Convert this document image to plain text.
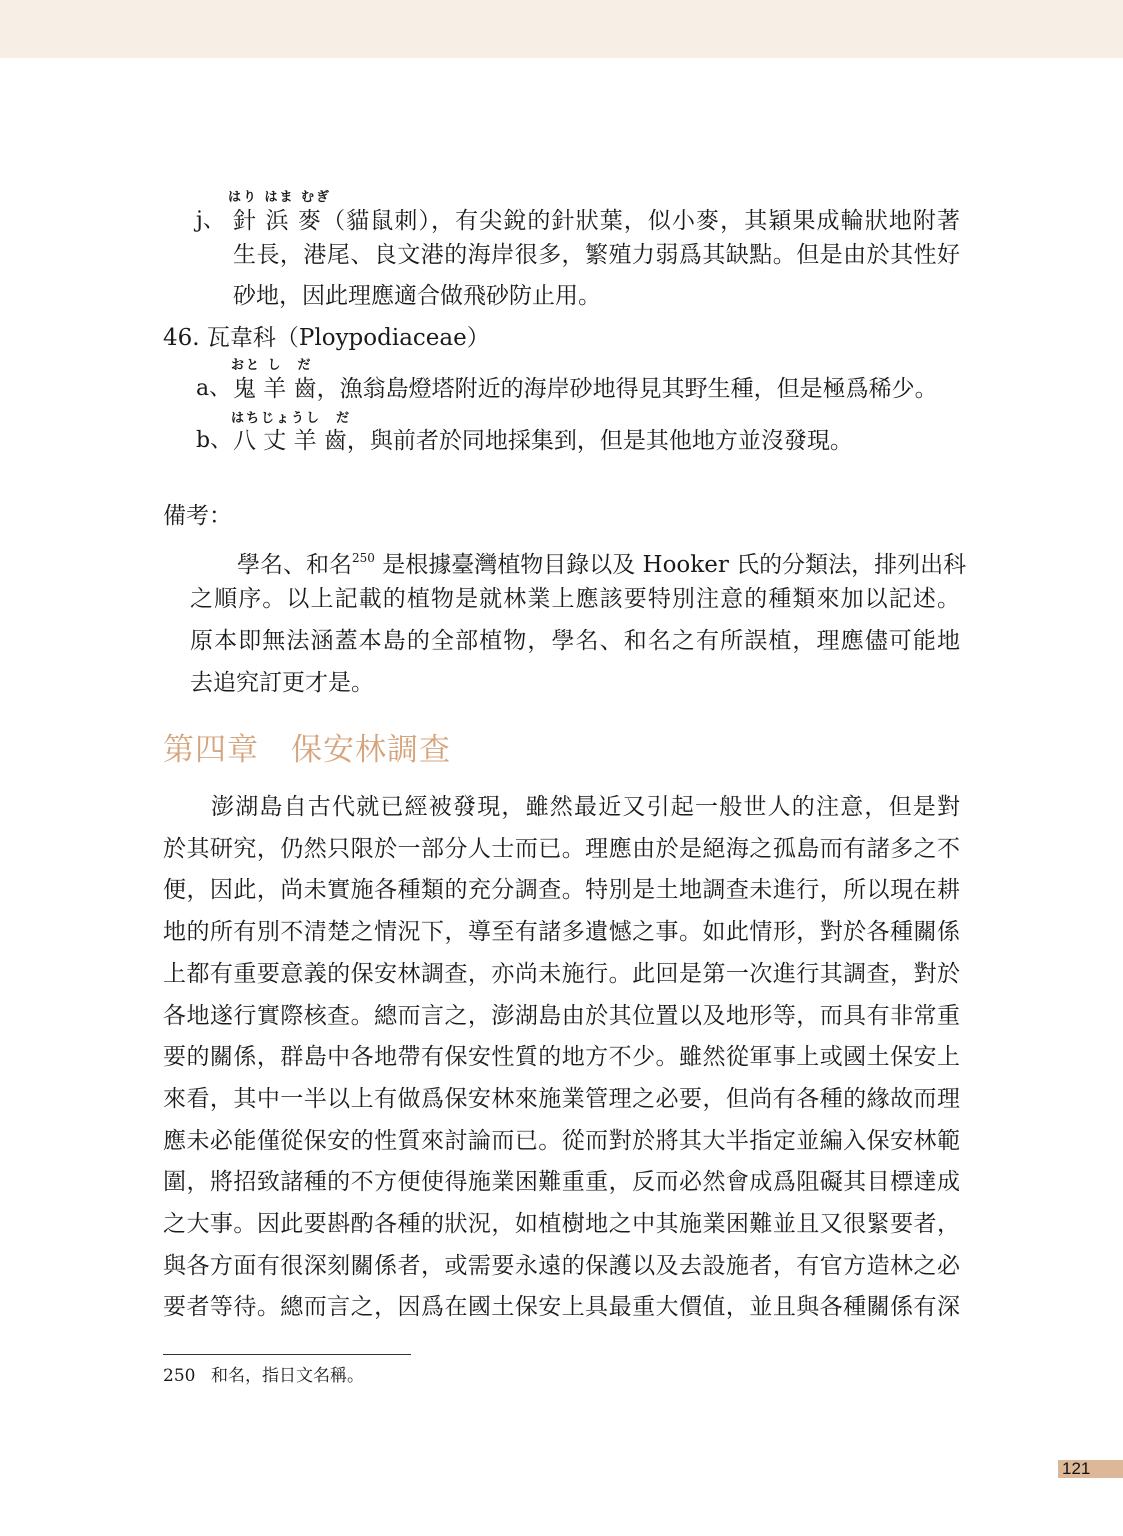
はり はま むぎ
j、 針 浜 麥（貓鼠刺），有尖銳的針狀葉，似小麥，其穎果成輪狀地附著
生長，港尾、良文港的海岸很多，繁殖力弱爲其缺點。但是由於其性好
砂地，因此理應適合做飛砂防止用。
46. 瓦韋科（Ploypodiaceae）
おと し　だ
a、 鬼 羊 齒，漁翁島燈塔附近的海岸砂地得見其野生種，但是極爲稀少。
はちじょうし　だ
b、 八 丈 羊 齒，與前者於同地採集到，但是其他地方並沒發現。
備考：
學名、和名$^{250}$ 是根據臺灣植物目錄以及 Hooker 氏的分類法，排列出科
之順序。以上記載的植物是就林業上應該要特別注意的種類來加以記述。
原本即無法涵蓋本島的全部植物，學名、和名之有所誤植，理應儘可能地
去追究訂更才是。
第四章　保安林調查
澎湖島自古代就已經被發現，雖然最近又引起一般世人的注意，但是對
於其研究，仍然只限於一部分人士而已。理應由於是絕海之孤島而有諸多之不
便，因此，尚未實施各種類的充分調查。特別是土地調查未進行，所以現在耕
地的所有別不清楚之情況下，導至有諸多遺憾之事。如此情形，對於各種關係
上都有重要意義的保安林調查，亦尚未施行。此回是第一次進行其調查，對於
各地遂行實際核查。總而言之，澎湖島由於其位置以及地形等，而具有非常重
要的關係，群島中各地帶有保安性質的地方不少。雖然從軍事上或國土保安上
來看，其中一半以上有做爲保安林來施業管理之必要，但尚有各種的緣故而理
應未必能僅從保安的性質來討論而已。從而對於將其大半指定並編入保安林範
圍，將招致諸種的不方便使得施業困難重重，反而必然會成爲阻礙其目標達成
之大事。因此要斟酌各種的狀況，如植樹地之中其施業困難並且又很緊要者，
與各方面有很深刻關係者，或需要永遠的保護以及去設施者，有官方造林之必
要者等待。總而言之，因爲在國土保安上具最重大價值，並且與各種關係有深
250 和名，指日文名稱。
121
